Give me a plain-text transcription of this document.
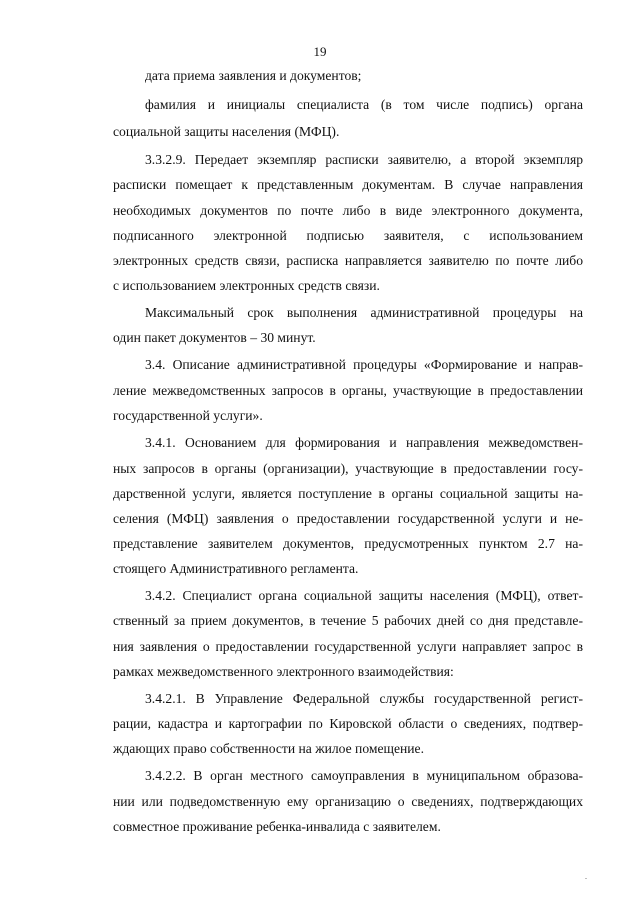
19
дата приема заявления и документов;
фамилия и инициалы специалиста (в том числе подпись) органа
социальной защиты населения (МФЦ).
3.3.2.9. Передает экземпляр расписки заявителю, а второй экземпляр
расписки помещает к представленным документам. В случае направления
необходимых документов по почте либо в виде электронного документа,
подписанного электронной подписью заявителя, с использованием
электронных средств связи, расписка направляется заявителю по почте либо
с использованием электронных средств связи.
Максимальный срок выполнения административной процедуры на
один пакет документов – 30 минут.
3.4. Описание административной процедуры «Формирование и направ-
ление межведомственных запросов в органы, участвующие в предоставлении
государственной услуги».
3.4.1. Основанием для формирования и направления межведомствен-
ных запросов в органы (организации), участвующие в предоставлении госу-
дарственной услуги, является поступление в органы социальной защиты на-
селения (МФЦ) заявления о предоставлении государственной услуги и не-
представление заявителем документов, предусмотренных пунктом 2.7 на-
стоящего Административного регламента.
3.4.2. Специалист органа социальной защиты населения (МФЦ), ответ-
ственный за прием документов, в течение 5 рабочих дней со дня представле-
ния заявления о предоставлении государственной услуги направляет запрос в
рамках межведомственного электронного взаимодействия:
3.4.2.1. В Управление Федеральной службы государственной регист-
рации, кадастра и картографии по Кировской области о сведениях, подтвер-
ждающих право собственности на жилое помещение.
3.4.2.2. В орган местного самоуправления в муниципальном образова-
нии или подведомственную ему организацию о сведениях, подтверждающих
совместное проживание ребенка-инвалида с заявителем.
